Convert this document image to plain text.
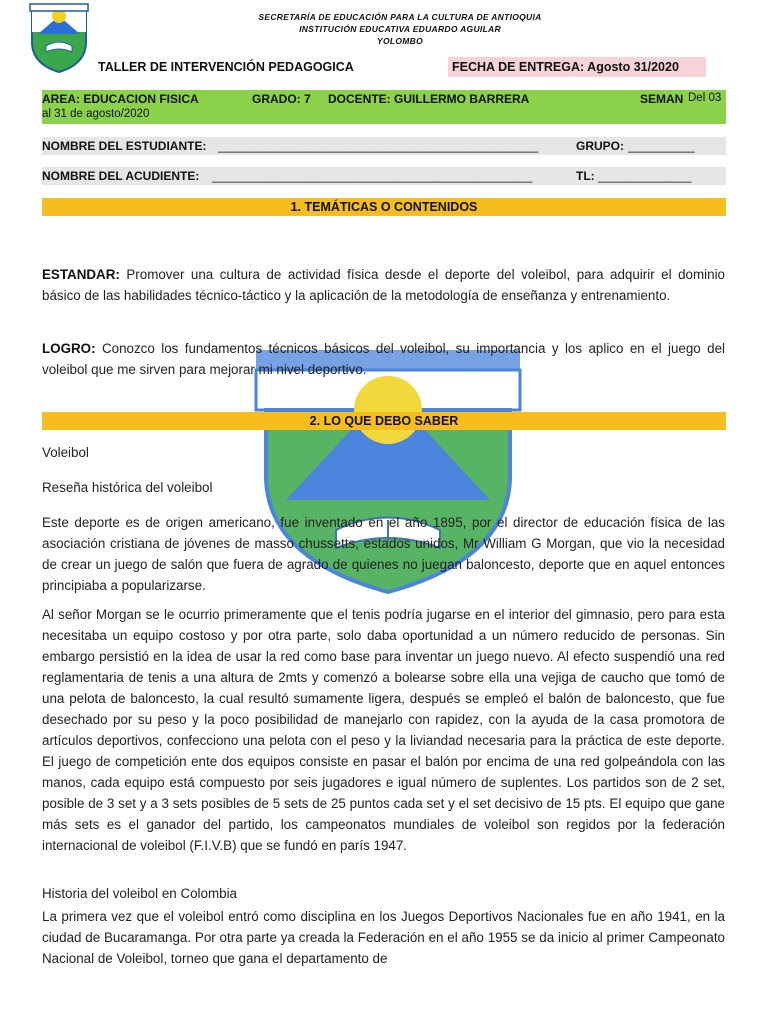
SECRETARÍA DE EDUCACIÓN PARA LA CULTURA DE ANTIOQUIA
INSTITUCIÓN EDUCATIVA EDUARDO AGUILAR
YOLOMBO
TALLER DE INTERVENCIÓN PEDAGOGICA	FECHA DE ENTREGA: Agosto 31/2020
AREA: EDUCACION FISICA	GRADO: 7 DOCENTE: GUILLERMO BARRERA	SEMAN Del 03
al 31 de agosto/2020
NOMBRE DEL ESTUDIANTE: ________________________________________________	GRUPO: __________
NOMBRE DEL ACUDIENTE: ________________________________________________	TL: ______________
1. TEMÁTICAS O CONTENIDOS
ESTANDAR: Promover una cultura de actividad física desde el deporte del voleibol, para adquirir el dominio básico de las habilidades técnico-táctico y la aplicación de la metodología de enseñanza y entrenamiento.
LOGRO: Conozco los fundamentos técnicos básicos del voleibol, su importancia y los aplico en el juego del voleibol que me sirven para mejorar mi nivel deportivo.
2. LO QUE DEBO SABER
Voleibol
Reseña histórica del voleibol
Este deporte es de origen americano, fue inventado en el año 1895, por el director de educación física de las asociación cristiana de jóvenes de masso chussetts, estados unidos, Mr William G Morgan, que vio la necesidad de crear un juego de salón que fuera de agrado de quienes no juegan baloncesto, deporte que en aquel entonces principiaba a popularizarse.
Al señor Morgan se le ocurrio primeramente que el tenis podría jugarse en el interior del gimnasio, pero para esta necesitaba un equipo costoso y por otra parte, solo daba oportunidad a un número reducido de personas. Sin embargo persistió en la idea de usar la red como base para inventar un juego nuevo. Al efecto suspendió una red reglamentaria de tenis a una altura de 2mts y comenzó a bolearse sobre ella una vejiga de caucho que tomó de una pelota de baloncesto, la cual resultó sumamente ligera, después se empleó el balón de baloncesto, que fue desechado por su peso y la poco posibilidad de manejarlo con rapidez, con la ayuda de la casa promotora de artículos deportivos, confecciono una pelota con el peso y la liviandad necesaria para la práctica de este deporte. El juego de competición ente dos equipos consiste en pasar el balón por encima de una red golpeándola con las manos, cada equipo está compuesto por seis jugadores e igual número de suplentes. Los partidos son de 2 set, posible de 3 set y a 3 sets posibles de 5 sets de 25 puntos cada set y el set decisivo de 15 pts. El equipo que gane más sets es el ganador del partido, los campeonatos mundiales de voleibol son regidos por la federación internacional de voleibol (F.I.V.B) que se fundó en parís 1947.
Historia del voleibol en Colombia
La primera vez que el voleibol entró como disciplina en los Juegos Deportivos Nacionales fue en año 1941, en la ciudad de Bucaramanga. Por otra parte ya creada la Federación en el año 1955 se da inicio al primer Campeonato Nacional de Voleibol, torneo que gana el departamento de
